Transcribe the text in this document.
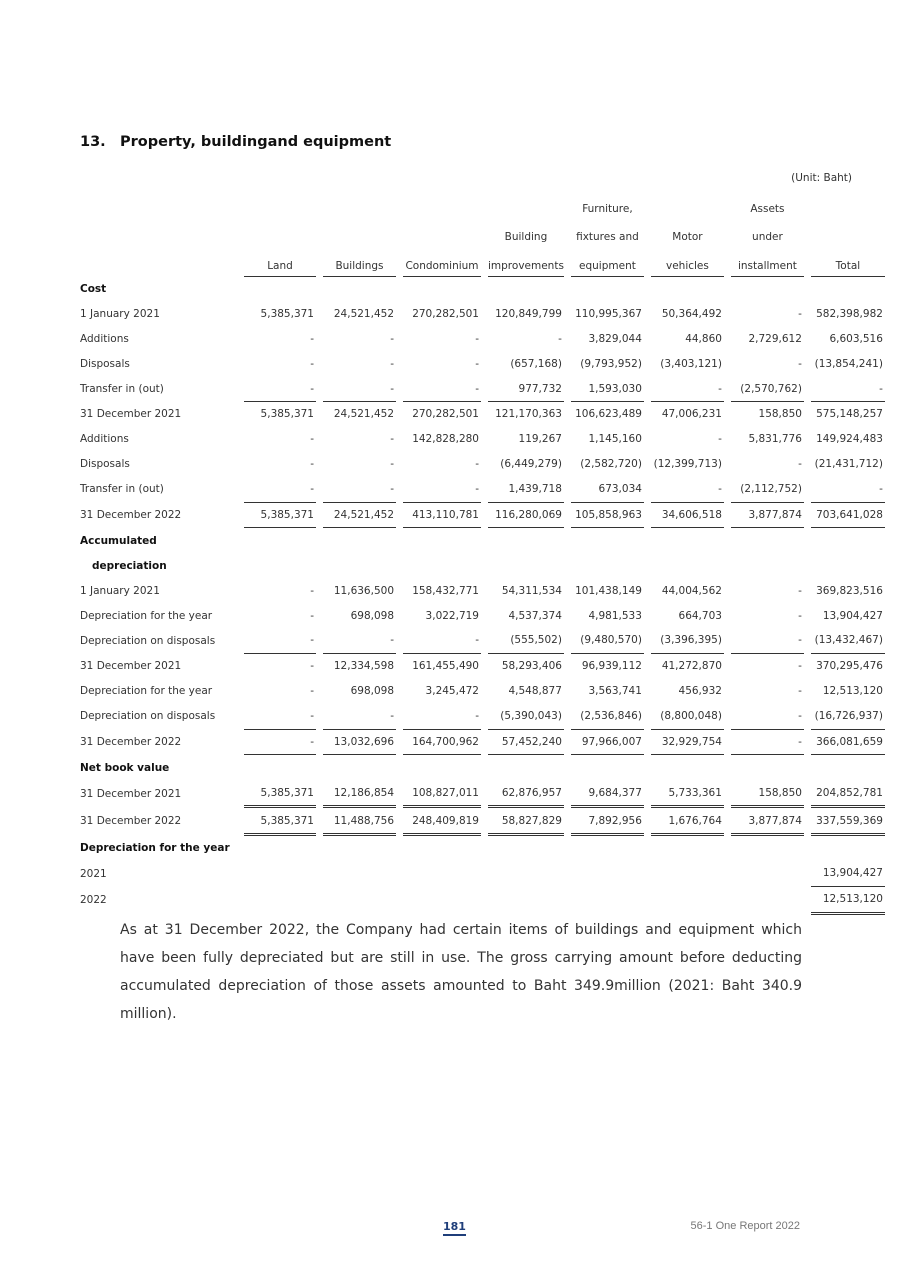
13. Property, buildingand equipment
(Unit: Baht)
										Furniture,				Assets		
								Building		fixtures and		Motor		under		
		Land		Buildings		Condominium		improvements		equipment		vehicles		installment		Total
Cost																
1 January 2021		5,385,371		24,521,452		270,282,501		120,849,799		110,995,367		50,364,492		-		582,398,982
Additions		-		-		-		-		3,829,044		44,860		2,729,612		6,603,516
Disposals		-		-		-		(657,168)		(9,793,952)		(3,403,121)		-		(13,854,241)
Transfer in (out)		-		-		-		977,732		1,593,030		-		(2,570,762)		-
31 December 2021		5,385,371		24,521,452		270,282,501		121,170,363		106,623,489		47,006,231		158,850		575,148,257
Additions		-		-		142,828,280		119,267		1,145,160		-		5,831,776		149,924,483
Disposals		-		-		-		(6,449,279)		(2,582,720)		(12,399,713)		-		(21,431,712)
Transfer in (out)		-		-		-		1,439,718		673,034		-		(2,112,752)		-
31 December 2022		5,385,371		24,521,452		413,110,781		116,280,069		105,858,963		34,606,518		3,877,874		703,641,028
Accumulated																
depreciation																
1 January 2021		-		11,636,500		158,432,771		54,311,534		101,438,149		44,004,562		-		369,823,516
Depreciation for the year		-		698,098		3,022,719		4,537,374		4,981,533		664,703		-		13,904,427
Depreciation on disposals		-		-		-		(555,502)		(9,480,570)		(3,396,395)		-		(13,432,467)
31 December 2021		-		12,334,598		161,455,490		58,293,406		96,939,112		41,272,870		-		370,295,476
Depreciation for the year		-		698,098		3,245,472		4,548,877		3,563,741		456,932		-		12,513,120
Depreciation on disposals		-		-		-		(5,390,043)		(2,536,846)		(8,800,048)		-		(16,726,937)
31 December 2022		-		13,032,696		164,700,962		57,452,240		97,966,007		32,929,754		-		366,081,659
Net book value																
31 December 2021		5,385,371		12,186,854		108,827,011		62,876,957		9,684,377		5,733,361		158,850		204,852,781
31 December 2022		5,385,371		11,488,756		248,409,819		58,827,829		7,892,956		1,676,764		3,877,874		337,559,369
Depreciation for the year																
2021																13,904,427
2022																12,513,120
As at 31 December 2022, the Company had certain items of buildings and equipment which have been fully depreciated but are still in use. The gross carrying amount before deducting accumulated depreciation of those assets amounted to Baht 349.9million (2021: Baht 340.9 million).
181	56-1 One Report 2022
